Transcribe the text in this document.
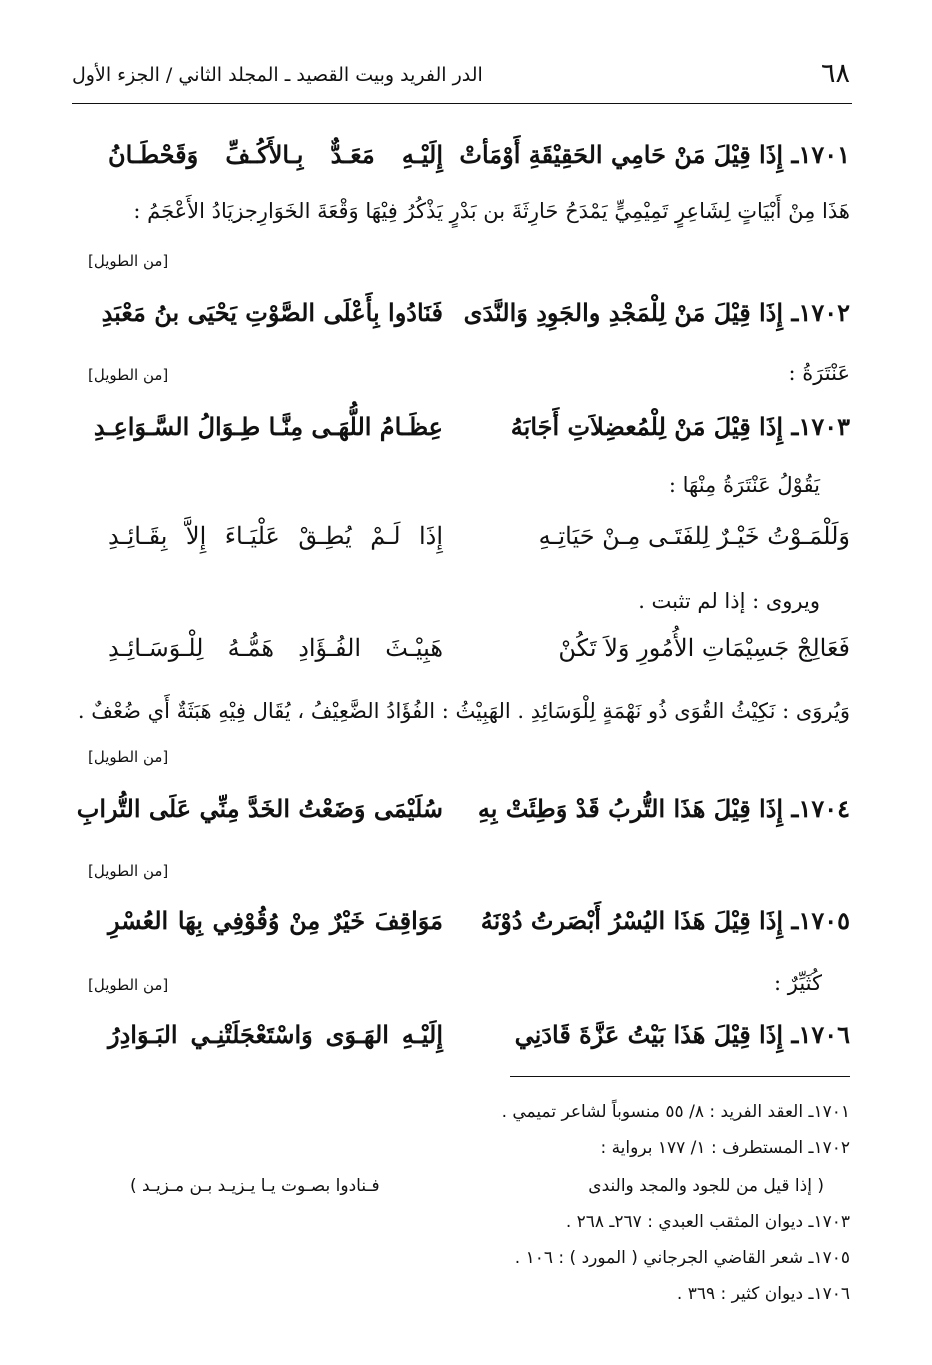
٦٨
الدر الفريد وبيت القصيد ـ المجلد الثاني / الجزء الأول
١٧٠١ـ إِذَا قِيْلَ مَنْ حَامِي الحَقِيْقَةِ أَوْمَأتْ
إِلَيْـهِ مَعَـدٌّ بِـالأَكُـفِّ وَقَحْطَـانُ
هَذَا مِنْ أَبْيَاتٍ لِشَاعِرٍ تَمِيْمِيٍّ يَمْدَحُ حَارِثَةَ بن بَدْرٍ يَذْكُرُ فِيْهَا وَقْعَةَ الخَوَارِجزيَادُ الأَعْجَمُ :
[من الطويل]
١٧٠٢ـ إِذَا قِيْلَ مَنْ لِلْمَجْدِ والجَوِدِ وَالنَّدَى
فَنَادُوا بِأَعْلَى الصَّوْتِ يَحْيَى بنُ مَعْبَدِ
عَنْتَرَةُ :
[من الطويل]
١٧٠٣ـ إِذَا قِيْلَ مَنْ لِلْمُعضِلاَتِ أَجَابَهُ
عِظَـامُ اللُّهَـى مِنَّـا طِـوَالُ السَّـوَاعِـدِ
يَقُوْلُ عَنْتَرَةُ مِنْهَا :
وَلَلْمَـوْتُ خَيْـرٌ لِلفَتَـى مِـنْ حَيَاتِـهِ
إِذَا لَـمْ يُطِـقْ عَلْيَـاءَ إِلاَّ بِقَـائِـدِ
ويروى : إذا لم تثبت .
فَعَالِجْ جَسِيْمَاتِ الأُمُورِ وَلاَ تَكُنْ
هَبِيْـثَ الفُـؤَادِ هَمُّـهُ لِلْـوَسَـائِـدِ
وَيُروَى : نَكِيْثُ القُوَى ذُو نَهْمَةٍ لِلْوَسَائِدِ . الهَبِيْثُ : الفُؤَادُ الضَّعِيْفُ ، يُقَال فِيْهِ هَبَثَةٌ أَي ضُعْفٌ .
[من الطويل]
١٧٠٤ـ إِذَا قِيْلَ هَذَا التُّربُ قَدْ وَطِئَتْ بِهِ
سُلَيْمَى وَضَعْتُ الخَدَّ مِنِّي عَلَى التُّرابِ
[من الطويل]
١٧٠٥ـ إِذَا قِيْلَ هَذَا اليُسْرُ أَبْصَرتُ دُوْنَهُ
مَوَاقِفَ خَيْرٌ مِنْ وُقُوْفِي بِهَا العُسْرِ
كُثَيِّرٌ :
[من الطويل]
١٧٠٦ـ إِذَا قِيْلَ هَذَا بَيْتُ عَزَّةَ قَادَنِي
إِلَيْـهِ الهَـوَى وَاسْتَعْجَلَتْنِـي البَـوَادِرُ
١٧٠١ـ العقد الفريد : ٨/ ٥٥ منسوباً لشاعر تميمي .
١٧٠٢ـ المستطرف : ١/ ١٧٧ برواية :
( إذا قيل من للجود والمجد والندى
فـنادوا بصـوت يـا يـزيـد بـن مـزيـد )
١٧٠٣ـ ديوان المثقب العبدي : ٢٦٧ـ ٢٦٨ .
١٧٠٥ـ شعر القاضي الجرجاني ( المورد ) : ١٠٦ .
١٧٠٦ـ ديوان كثير : ٣٦٩ .
